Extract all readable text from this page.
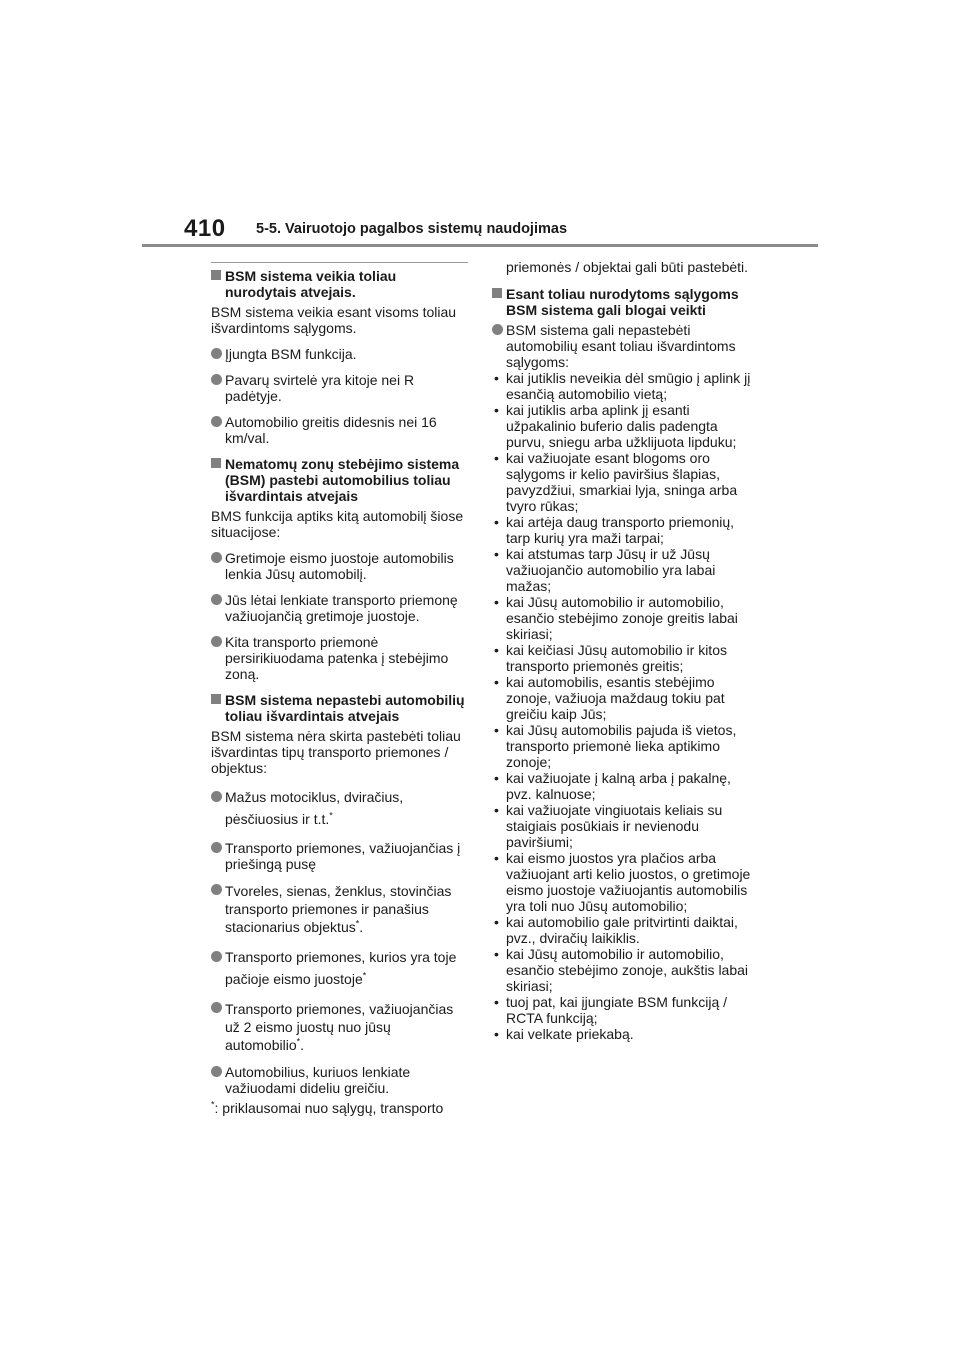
410 5-5. Vairuotojo pagalbos sistemų naudojimas
BSM sistema veikia toliau nurodytais atvejais.
BSM sistema veikia esant visoms toliau išvardintoms sąlygoms.
Įjungta BSM funkcija.
Pavarų svirtelė yra kitoje nei R padėtyje.
Automobilio greitis didesnis nei 16 km/val.
Nematomų zonų stebėjimo sistema (BSM) pastebi automobilius toliau išvardintais atvejais
BMS funkcija aptiks kitą automobilį šiose situacijose:
Gretimoje eismo juostoje automobilis lenkia Jūsų automobilį.
Jūs lėtai lenkiate transporto priemonę važiuojančią gretimoje juostoje.
Kita transporto priemonė persirikiuodama patenka į stebėjimo zoną.
BSM sistema nepastebi automobilių toliau išvardintais atvejais
BSM sistema nėra skirta pastebėti toliau išvardintas tipų transporto priemones / objektus:
Mažus motociklus, dviračius, pėsčiuosius ir t.t.*
Transporto priemones, važiuojančias į priešingą pusę
Tvoreles, sienas, ženklus, stovinčias transporto priemones ir panašius stacionarius objektus*.
Transporto priemones, kurios yra toje pačioje eismo juostoje*
Transporto priemones, važiuojančias už 2 eismo juostų nuo jūsų automobilio*.
Automobilius, kuriuos lenkiate važiuodami dideliu greičiu.
*: priklausomai nuo sąlygų, transporto
priemonės / objektai gali būti pastebėti.
Esant toliau nurodytoms sąlygoms BSM sistema gali blogai veikti
BSM sistema gali nepastebėti automobilių esant toliau išvardintoms sąlygoms:
• kai jutiklis neveikia dėl smūgio į aplink jį esančią automobilio vietą;
• kai jutiklis arba aplink jį esanti užpakalinio buferio dalis padengta purvu, sniegu arba užklijuota lipduku;
• kai važiuojate esant blogoms oro sąlygoms ir kelio paviršius šlapias, pavyzdžiui, smarkiai lyja, sninga arba tvyro rūkas;
• kai artėja daug transporto priemonių, tarp kurių yra maži tarpai;
• kai atstumas tarp Jūsų ir už Jūsų važiuojančio automobilio yra labai mažas;
• kai Jūsų automobilio ir automobilio, esančio stebėjimo zonoje greitis labai skiriasi;
• kai keičiasi Jūsų automobilio ir kitos transporto priemonės greitis;
• kai automobilis, esantis stebėjimo zonoje, važiuoja maždaug tokiu pat greičiu kaip Jūs;
• kai Jūsų automobilis pajuda iš vietos, transporto priemonė lieka aptikimo zonoje;
• kai važiuojate į kalną arba į pakalnę, pvz. kalnuose;
• kai važiuojate vingiuotais keliais su staigiais posūkiais ir nevienodu paviršiumi;
• kai eismo juostos yra plačios arba važiuojant arti kelio juostos, o gretimoje eismo juostoje važiuojantis automobilis yra toli nuo Jūsų automobilio;
• kai automobilio gale pritvirtinti daiktai, pvz., dviračių laikiklis.
• kai Jūsų automobilio ir automobilio, esančio stebėjimo zonoje, aukštis labai skiriasi;
• tuoj pat, kai įjungiate BSM funkciją / RCTA funkciją;
• kai velkate priekabą.
